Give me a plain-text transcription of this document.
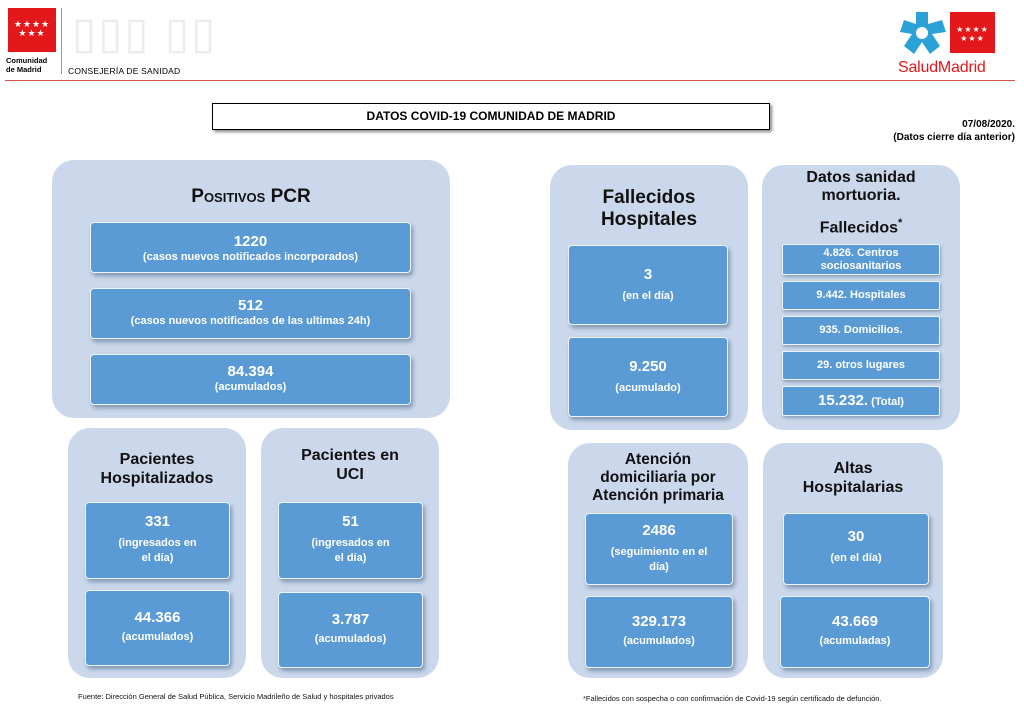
★★★★
★★★
Comunidad
de Madrid
▯▯▯ ▯▯
CONSEJERÍA DE SANIDAD
★★★★
★★★
SaludMadrid
DATOS COVID-19 COMUNIDAD DE MADRID
07/08/2020.
(Datos cierre día anterior)
Positivos PCR
1220
(casos nuevos notificados incorporados)
512
(casos nuevos notificados de las ultimas 24h)
84.394
(acumulados)
Pacientes
Hospitalizados
331
(ingresados en
el día)
44.366
(acumulados)
Pacientes en
UCI
51
(ingresados en
el día)
3.787
(acumulados)
Fallecidos
Hospitales
3
(en el día)
9.250
(acumulado)
Datos sanidad
mortuoria.
Fallecidos*
4.826. Centros
sociosanitarios
9.442. Hospitales
935. Domicilios.
29. otros lugares
15.232. (Total)
Atención
domiciliaria por
Atención primaria
2486
(seguimiento en el
día)
329.173
(acumulados)
Altas
Hospitalarias
30
(en el día)
43.669
(acumuladas)
Fuente: Dirección General de Salud Pública, Servicio Madrileño de Salud y hospitales privados	*Fallecidos con sospecha o con confirmación de Covid-19 según certificado de defunción.
